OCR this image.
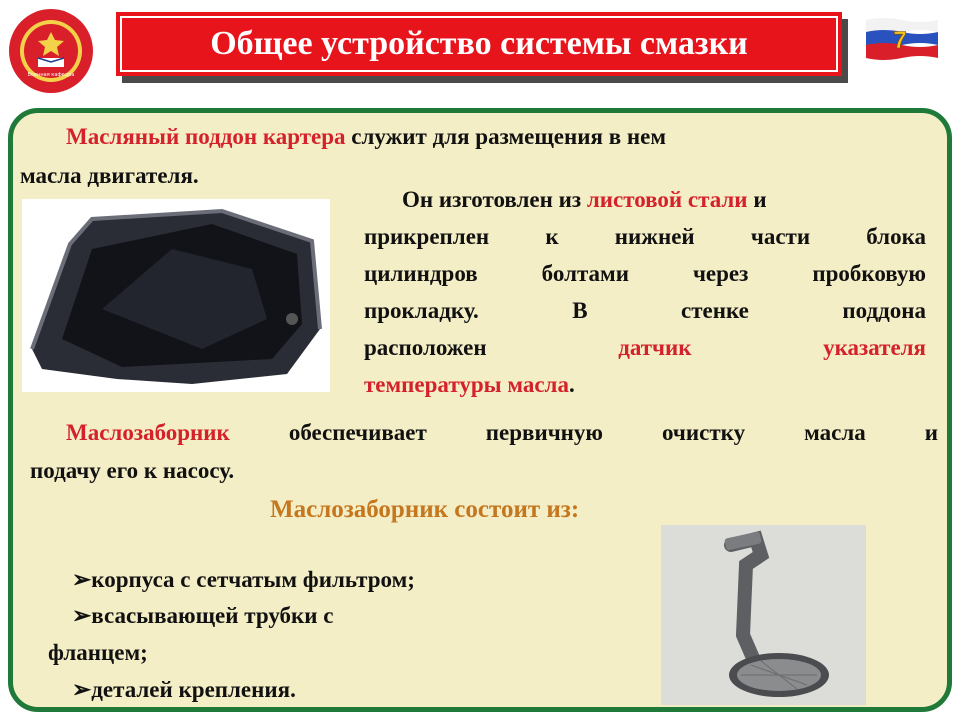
Военная кафедра
Общее устройство системы смазки	7
Масляный поддон картера служит для размещения в нем
масла двигателя.
Он изготовлен из листовой стали и
прикреплен к нижней части блока
цилиндров болтами через пробковую
прокладку. В стенке поддона
расположен датчик указателя
температуры масла.
Маслозаборник обеспечивает первичную очистку масла и
подачу его к насосу.
Маслозаборник состоит из:
➢корпуса с сетчатым фильтром;
➢всасывающей трубки с
фланцем;
➢деталей крепления.
